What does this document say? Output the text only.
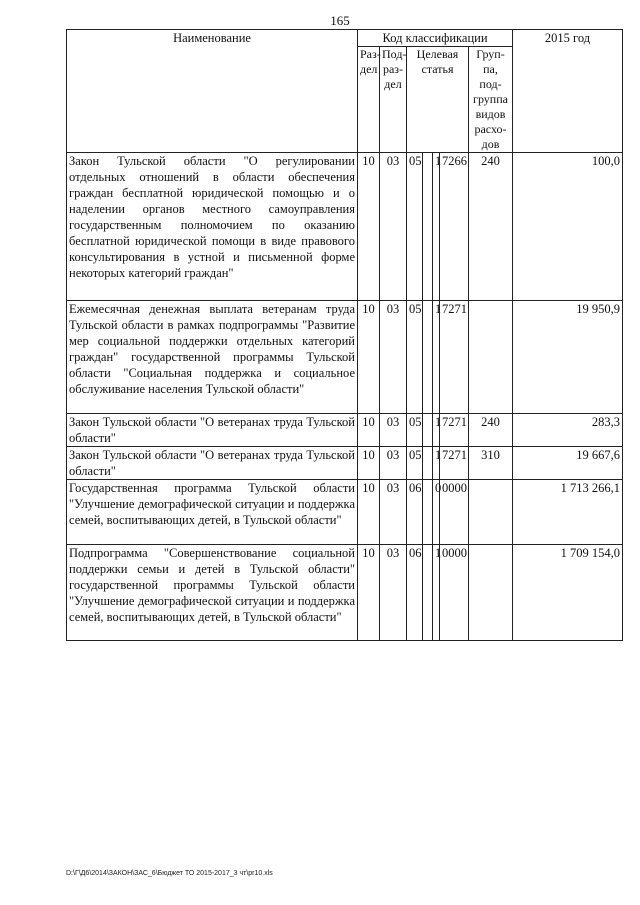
165
Наименование	Код классификации							2015 год
	Раз-дел	Под-раз-дел	Целевая статья				Груп-па, под-группа видов расхо-дов	
Закон Тульской области "О регулировании отдельных отношений в области обеспечения граждан бесплатной юридической помощью и о наделении органов местного самоуправления государственным полномочием по оказанию бесплатной юридической помощи в виде правового консультирования в устной и письменной форме некоторых категорий граждан"	10	03	05		1	7266	240	100,0
Ежемесячная денежная выплата ветеранам труда Тульской области в рамках подпрограммы "Развитие мер социальной поддержки отдельных категорий граждан" государственной программы Тульской области "Социальная поддержка и социальное обслуживание населения Тульской области"	10	03	05		1	7271		19 950,9
Закон Тульской области "О ветеранах труда Тульской области"	10	03	05		1	7271	240	283,3
Закон Тульской области "О ветеранах труда Тульской области"	10	03	05		1	7271	310	19 667,6
Государственная программа Тульской области "Улучшение демографической ситуации и поддержка семей, воспитывающих детей, в Тульской области"	10	03	06		0	0000		1 713 266,1
Подпрограмма "Совершенствование социальной поддержки семьи и детей в Тульской области" государственной программы Тульской области "Улучшение демографической ситуации и поддержка семей, воспитывающих детей, в Тульской области"	10	03	06		1	0000		1 709 154,0
D:\Г\Д6\2014\ЗАКОН\ЗАС_6\Бюджет ТО 2015-2017_3 чт\pr10.xls
